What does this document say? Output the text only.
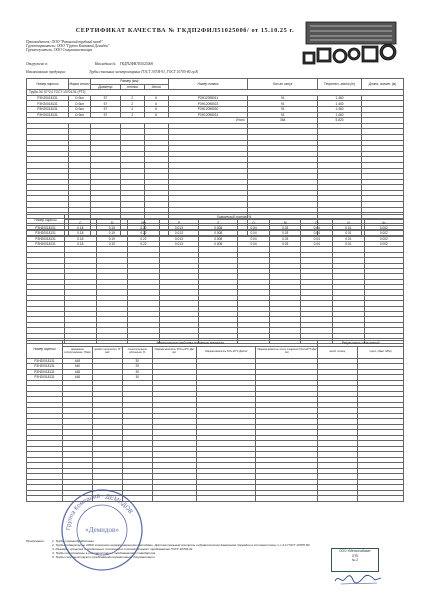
СЕРТИФИКАТ КАЧЕСТВА № ГКДП2ФИЛ5102500б/ от 15.10.25 г.
Производитель: ООО "Рязанский трубный завод"
Грузоотправитель: ООО "Группа Компаний Демидов"
Грузополучатель: ООО Спецкомплектация
Отгружено в:	Накладная № ГКДП2ФИЛ5102500б
Наименование продукции:	Трубы стальные электросварные ГОСТ 10704-91, ГОСТ 10705-80 гр.В
Номер партии	Марка стали	Размер (мм)			Номер плавки	Кол-во штук	Теоретич. масса (т)	Длина, погонн. (м)
		Диаметр	стенка	длина				
Труба ЭС 57*2,0 ГОСТ 10704-91 (РТЗ)								
РЗН20018131	Ст3сп	57	2	6	РЗН12098011	91	1.460	
РЗН20018131	Ст3сп	57	2	6	РЗН12098022	91	1.460	
РЗН20018131	Ст3сп	57	2	6	РЗН12098030	91	1.460	
РЗН20018131	Ст3сп	57	2	6	РЗН12098031	91	1.460	
Итого:						364	5.820	

Номер партии	Химический состав, %									
	C	Si	Mn	P	S	Cr	Ni	Cu	N	As
РЗН20018131	0.18	0.19	0.22	0.013	0.008	0.04	0.03	0.04	0.01	0.002
РЗН20018131	0.18	0.19	0.22	0.013	0.008	0.04	0.03	0.04	0.01	0.002
РЗН20018131	0.18	0.19	0.22	0.013	0.008	0.04	0.03	0.04	0.01	0.002
РЗН20018131	0.18	0.19	0.22	0.013	0.008	0.04	0.03	0.04	0.01	0.002

Номер партии	Механические свойства основного металла						Результаты испытаний	
	временное сопротивление, Н/мм²	предел текучести, Н/мм²	относительное удлинение, %	Ударная вязкость KCU+20°С Дж/см²	Ударная вязкость KCU-20°С Дж/см²	Ударная вязкость после старения KCU+20°С Дж/см²	загиб, сплющ.	пресс. (давл. МПа)
РЗН20018131	448		30					
РЗН20018131	440		29					
РЗН20018131	448		30					
РЗН20018131	448		30					

Примечание: 1. Трубы термообработаны.
2. Трубы подвергнуты 100% контролю неразрушающими методами. Дополнительный контроль гидравлическим давлением проведен в соответствии с п.4.4 ГОСТ 10705-80.
3. Размеры, кривизна и предельные отклонения соответствуют требованиям ГОСТ 10704-91.
4. Трубы изготовлены в соответствии с требованиями стандартов.
5. Трубы соответствуют требованиям нормативной документации.
Группа Компаний · ДЕМИДОВ ·
«Демидов»
ООО «Металлобаза»
ОТК
№ 2
